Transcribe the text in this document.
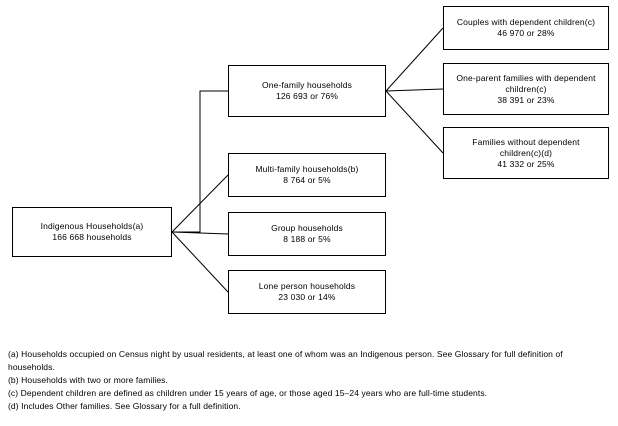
Indigenous Households(a)
166 668 households
One-family households
126 693 or 76%
Multi-family households(b)
8 764 or 5%
Group households
8 188 or 5%
Lone person households
23 030 or 14%
Couples with dependent children(c)
46 970 or 28%
One-parent families with dependent
children(c)
38 391 or 23%
Families without dependent
children(c)(d)
41 332 or 25%
(a) Households occupied on Census night by usual residents, at least one of whom was an Indigenous person. See Glossary for full definition of households.
(b) Households with two or more families.
(c) Dependent children are defined as children under 15 years of age, or those aged 15–24 years who are full-time students.
(d) Includes Other families. See Glossary for a full definition.
